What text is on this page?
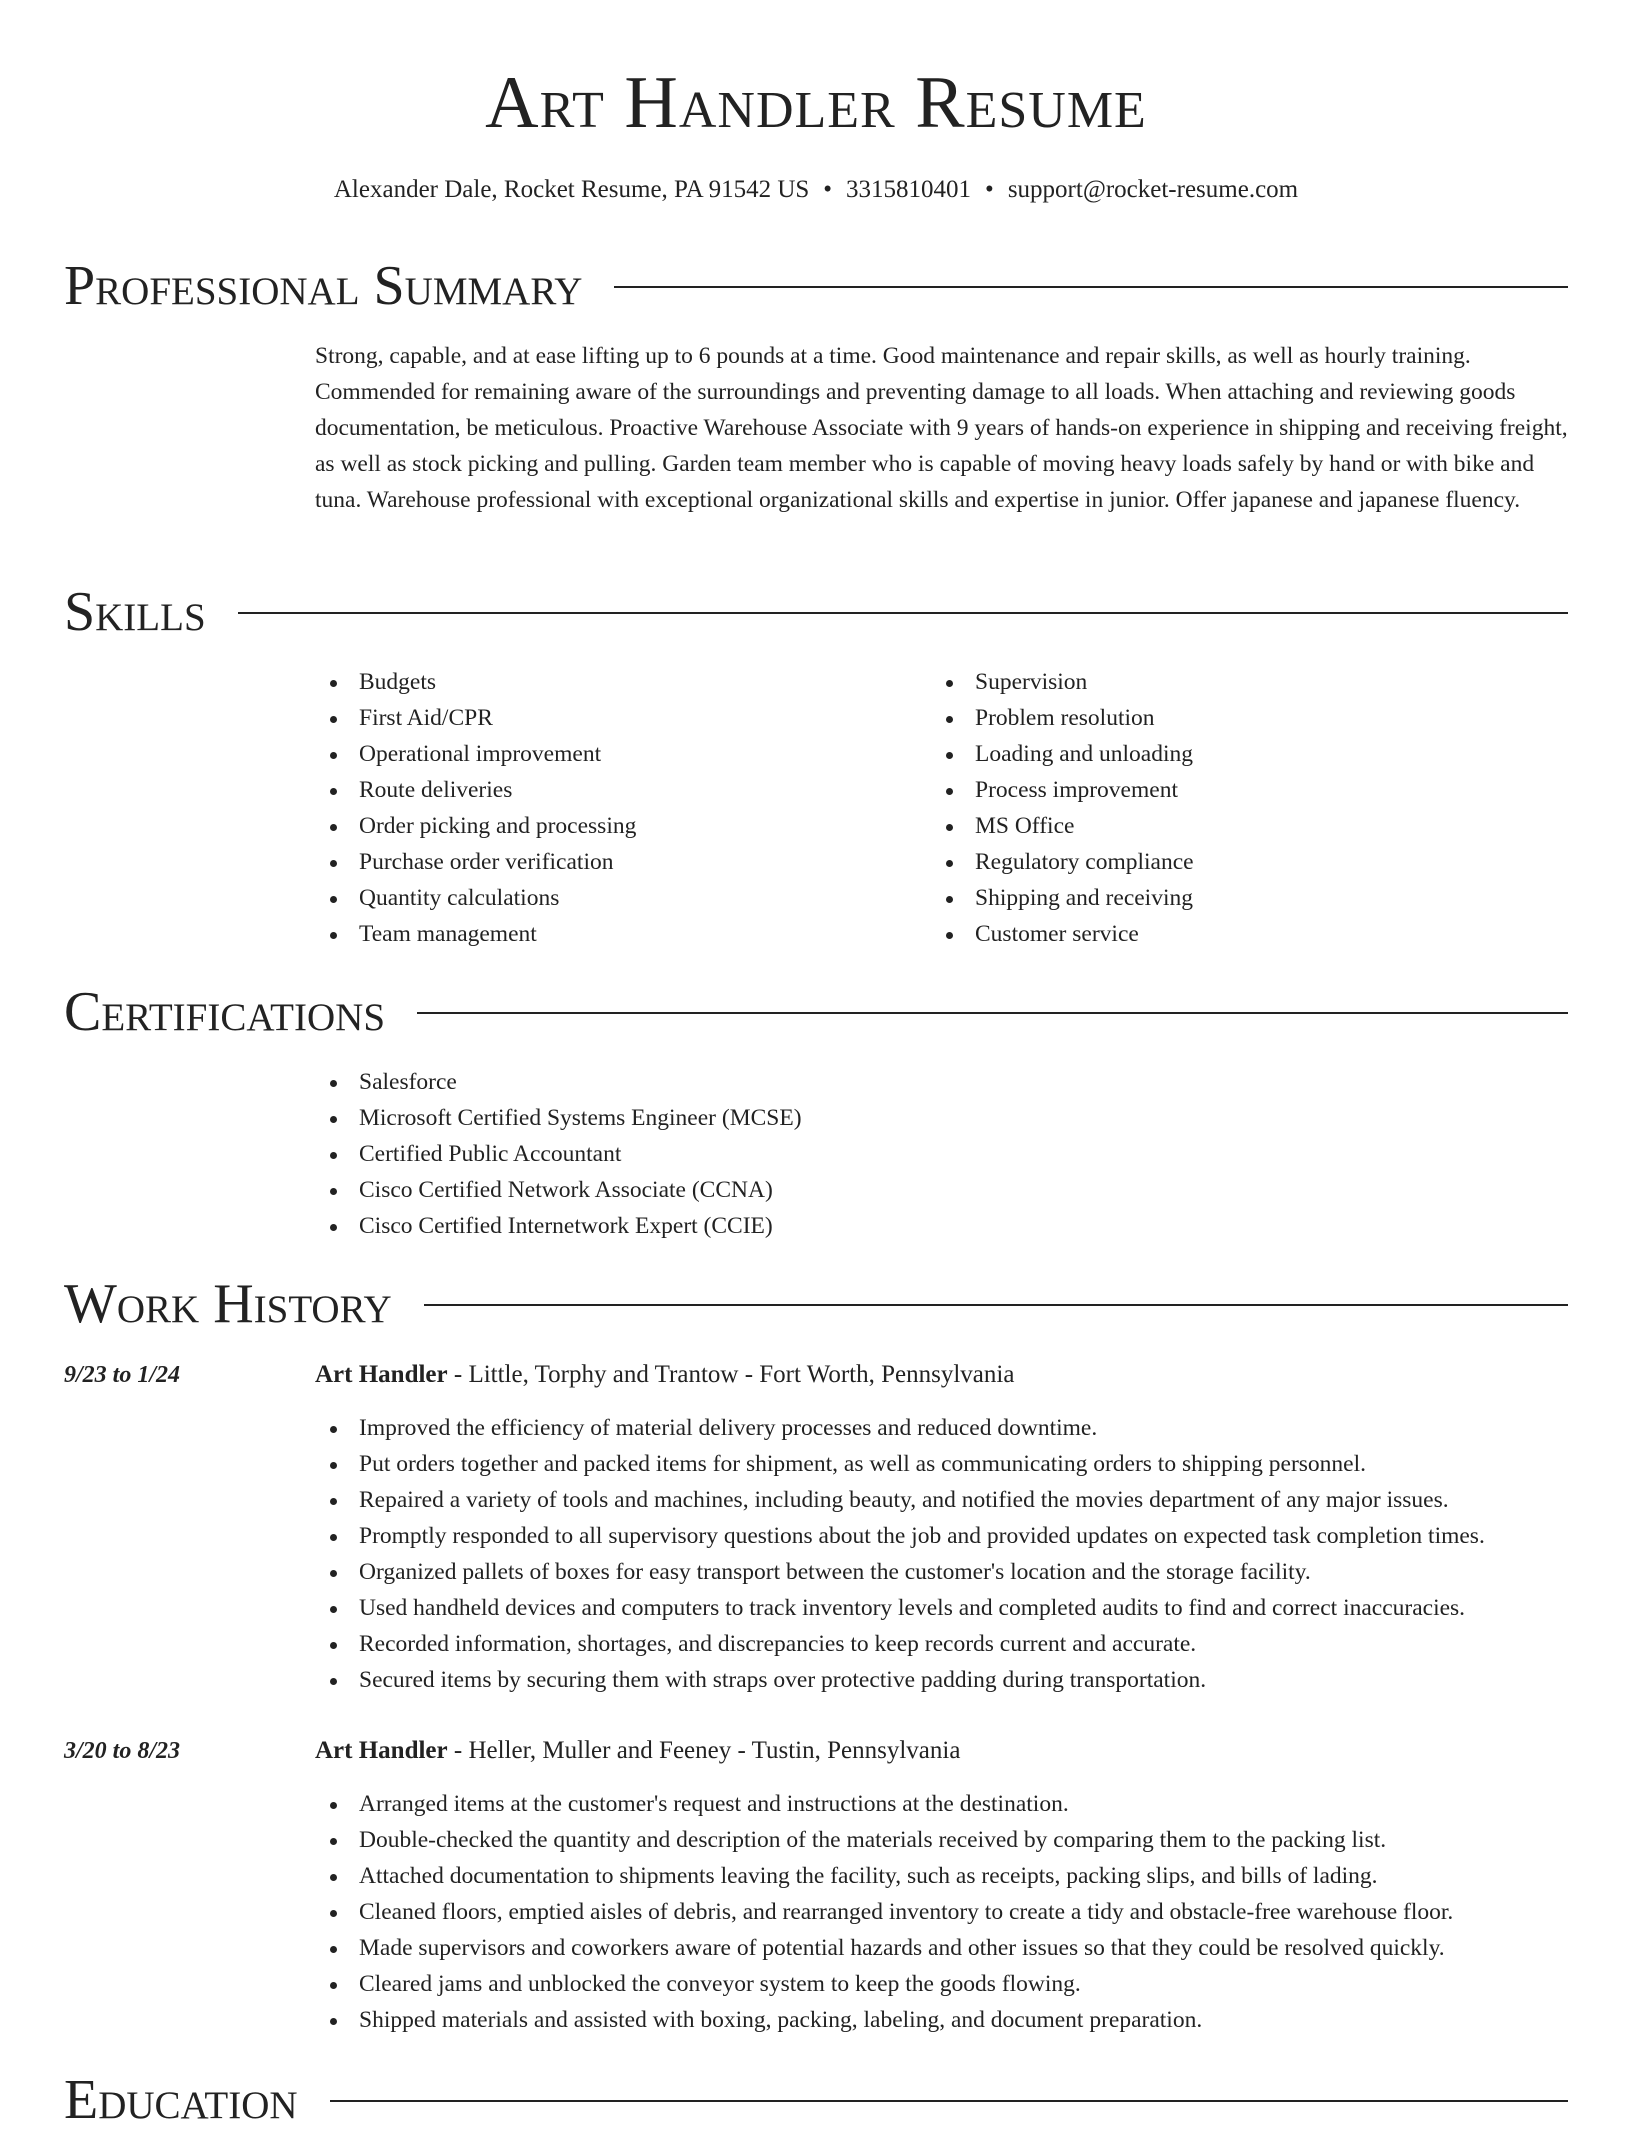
Art Handler Resume
Alexander Dale, Rocket Resume, PA 91542 US • 3315810401 • support@rocket-resume.com
Professional Summary

Strong, capable, and at ease lifting up to 6 pounds at a time. Good maintenance and repair skills, as well as hourly training. Commended for remaining aware of the surroundings and preventing damage to all loads. When attaching and reviewing goods documentation, be meticulous. Proactive Warehouse Associate with 9 years of hands-on experience in shipping and receiving freight, as well as stock picking and pulling. Garden team member who is capable of moving heavy loads safely by hand or with bike and tuna. Warehouse professional with exceptional organizational skills and expertise in junior. Offer japanese and japanese fluency.

Skills
Budgets
First Aid/CPR
Operational improvement
Route deliveries
Order picking and processing
Purchase order verification
Quantity calculations
Team management
Supervision
Problem resolution
Loading and unloading
Process improvement
MS Office
Regulatory compliance
Shipping and receiving
Customer service
Certifications
Salesforce
Microsoft Certified Systems Engineer (MCSE)
Certified Public Accountant
Cisco Certified Network Associate (CCNA)
Cisco Certified Internetwork Expert (CCIE)
Work History
9/23 to 1/24	Art Handler - Little, Torphy and Trantow - Fort Worth, Pennsylvania
Improved the efficiency of material delivery processes and reduced downtime.
Put orders together and packed items for shipment, as well as communicating orders to shipping personnel.
Repaired a variety of tools and machines, including beauty, and notified the movies department of any major issues.
Promptly responded to all supervisory questions about the job and provided updates on expected task completion times.
Organized pallets of boxes for easy transport between the customer's location and the storage facility.
Used handheld devices and computers to track inventory levels and completed audits to find and correct inaccuracies.
Recorded information, shortages, and discrepancies to keep records current and accurate.
Secured items by securing them with straps over protective padding during transportation.
3/20 to 8/23	Art Handler - Heller, Muller and Feeney - Tustin, Pennsylvania
Arranged items at the customer's request and instructions at the destination.
Double-checked the quantity and description of the materials received by comparing them to the packing list.
Attached documentation to shipments leaving the facility, such as receipts, packing slips, and bills of lading.
Cleaned floors, emptied aisles of debris, and rearranged inventory to create a tidy and obstacle-free warehouse floor.
Made supervisors and coworkers aware of potential hazards and other issues so that they could be resolved quickly.
Cleared jams and unblocked the conveyor system to keep the goods flowing.
Shipped materials and assisted with boxing, packing, labeling, and document preparation.
Education
